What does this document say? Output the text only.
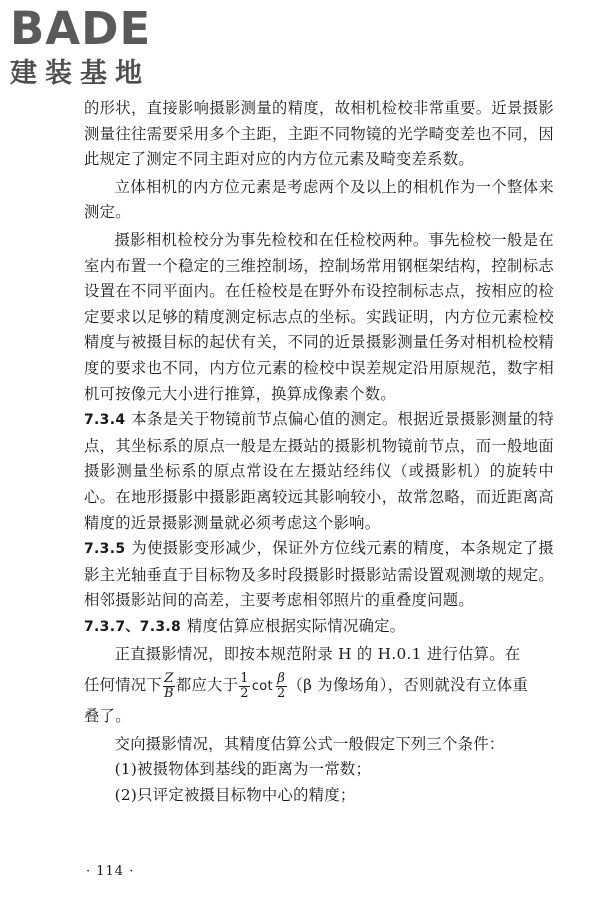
BADE
建装基地

的形状，直接影响摄影测量的精度，故相机检校非常重要。近景摄影测量往往需要采用多个主距，主距不同物镜的光学畸变差也不同，因此规定了测定不同主距对应的内方位元素及畸变差系数。

立体相机的内方位元素是考虑两个及以上的相机作为一个整体来测定。

摄影相机检校分为事先检校和在任检校两种。事先检校一般是在室内布置一个稳定的三维控制场，控制场常用钢框架结构，控制标志设置在不同平面内。在任检校是在野外布设控制标志点，按相应的检定要求以足够的精度测定标志点的坐标。实践证明，内方位元素检校精度与被摄目标的起伏有关，不同的近景摄影测量任务对相机检校精度的要求也不同，内方位元素的检校中误差规定沿用原规范，数字相机可按像元大小进行推算，换算成像素个数。

7.3.4 本条是关于物镜前节点偏心值的测定。根据近景摄影测量的特点，其坐标系的原点一般是左摄站的摄影机物镜前节点，而一般地面摄影测量坐标系的原点常设在左摄站经纬仪（或摄影机）的旋转中心。在地形摄影中摄影距离较远其影响较小，故常忽略，而近距离高精度的近景摄影测量就必须考虑这个影响。

7.3.5 为使摄影变形减少，保证外方位线元素的精度，本条规定了摄影主光轴垂直于目标物及多时段摄影时摄影站需设置观测墩的规定。相邻摄影站间的高差，主要考虑相邻照片的重叠度问题。

7.3.7、7.3.8 精度估算应根据实际情况确定。

正直摄影情况，即按本规范附录 H 的 H.0.1 进行估算。在

任何情况下 $\frac{Z}{B}$ 都应大于 $\frac{1}{2}$ $\cot \frac{\beta}{2} (\beta$ 为像场角），否则就没有立体重

叠了。

交向摄影情况，其精度估算公式一般假定下列三个条件：

(1)被摄物体到基线的距离为一常数；

(2)只评定被摄目标物中心的精度；

· 114 ·
